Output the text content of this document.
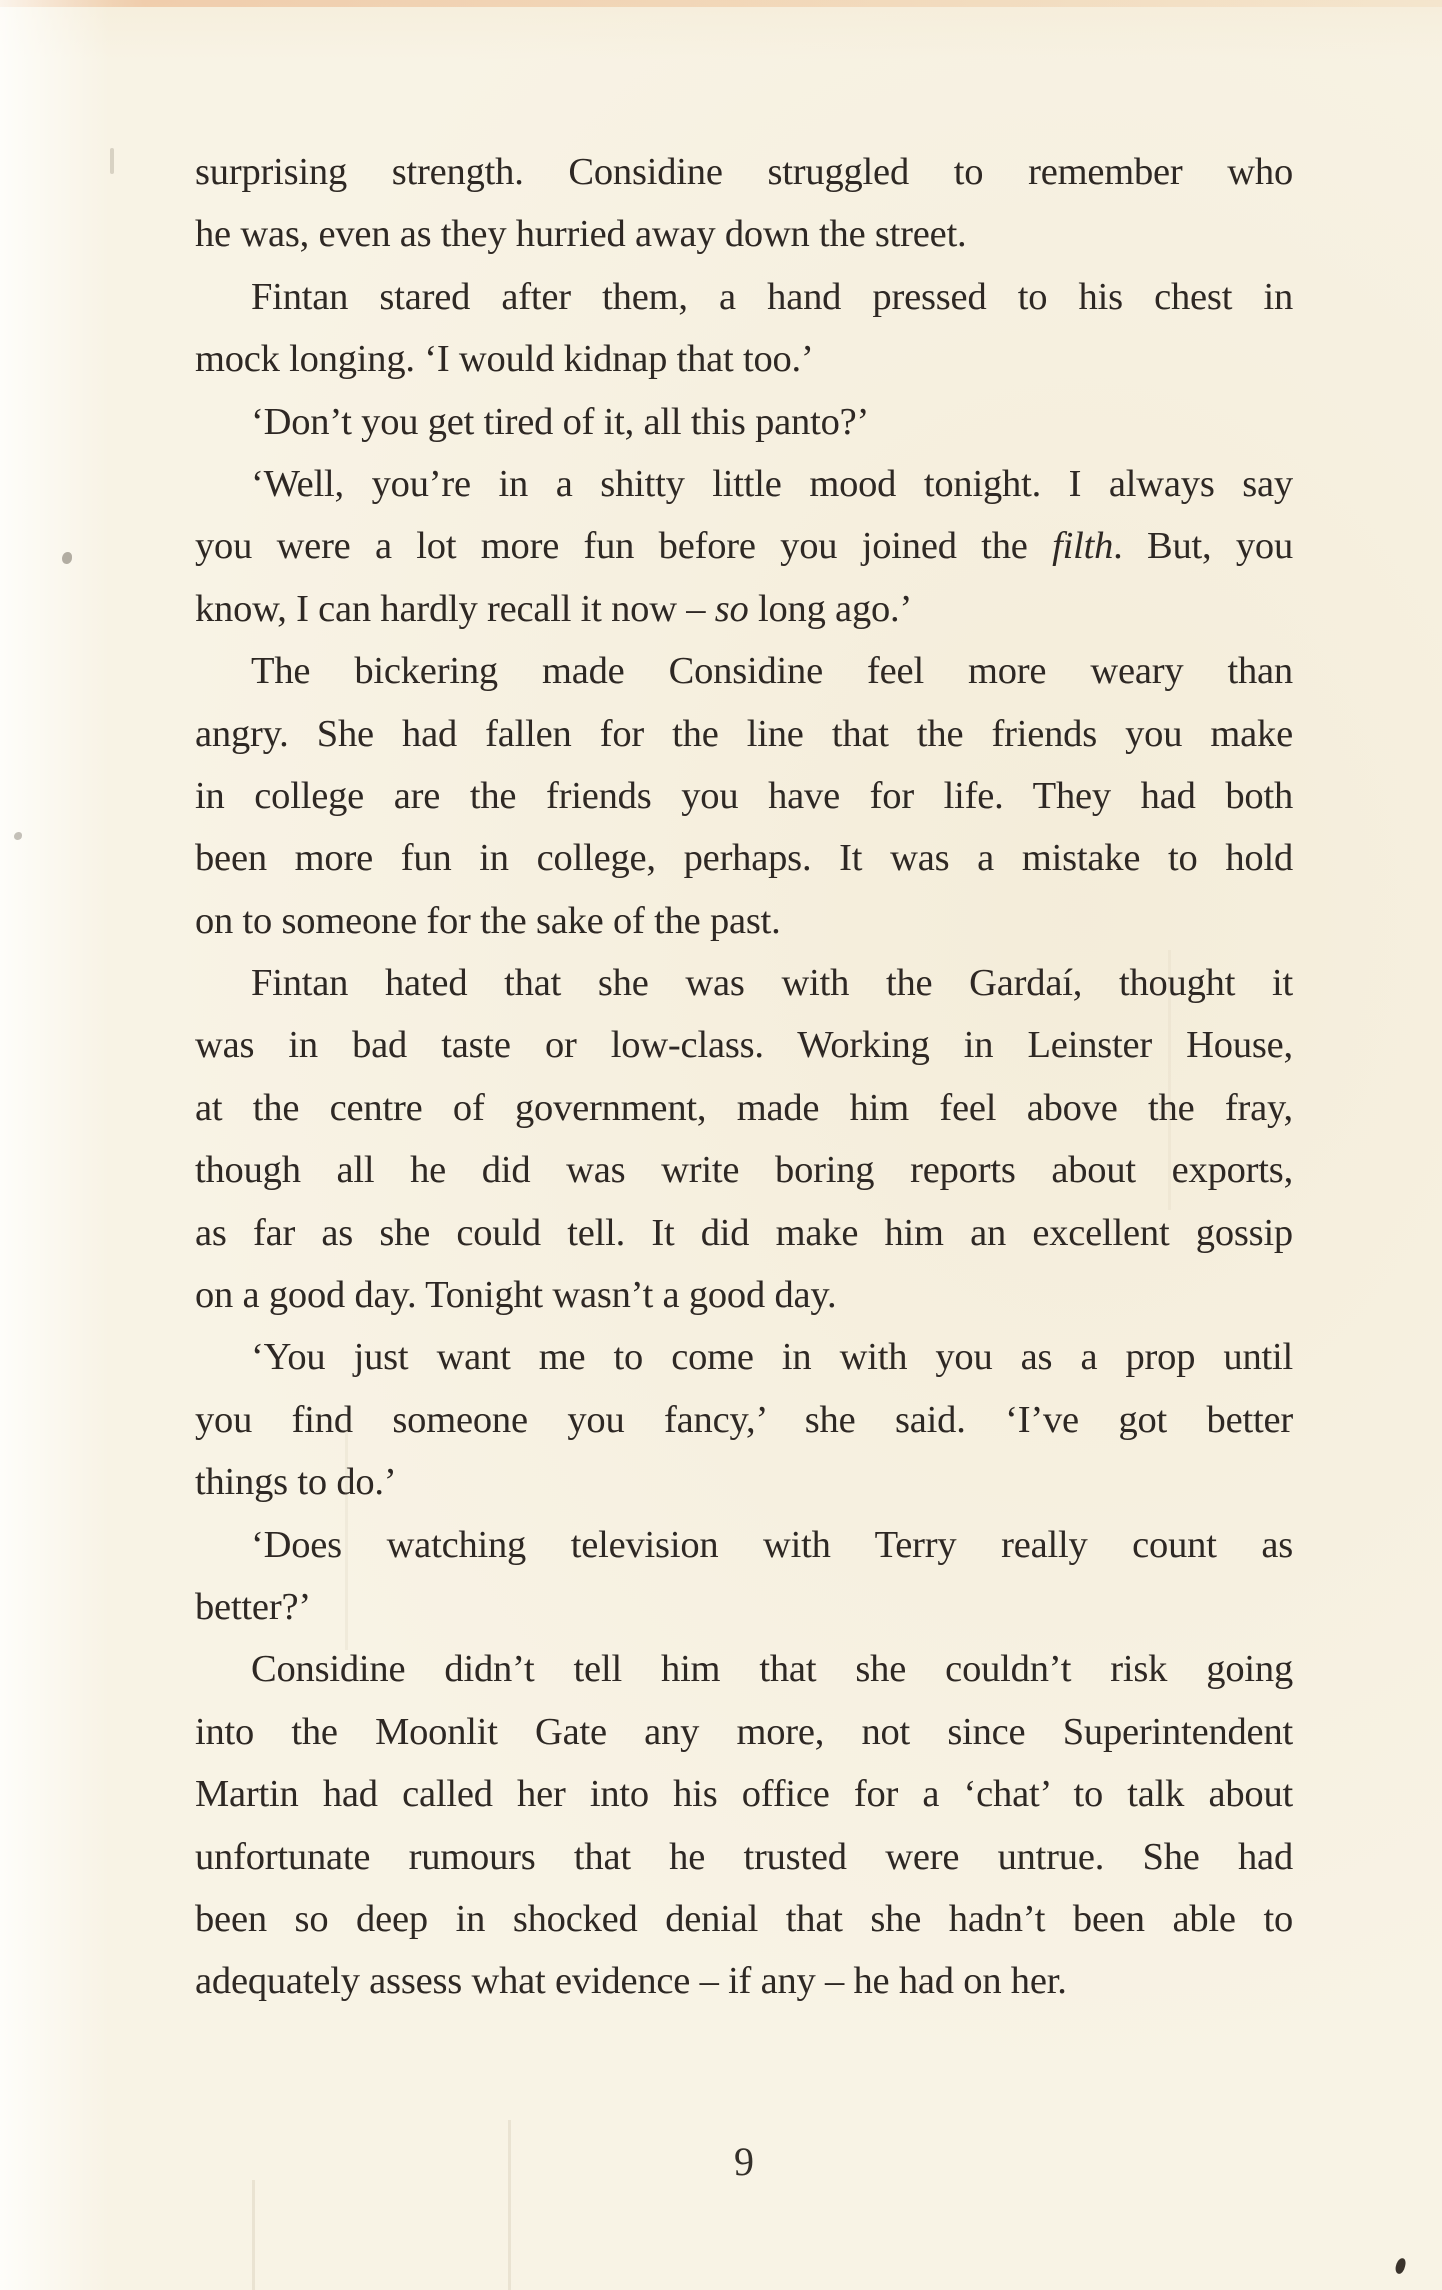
surprising strength. Considine struggled to remember who
he was, even as they hurried away down the street.
Fintan stared after them, a hand pressed to his chest in
mock longing. ‘I would kidnap that too.’
‘Don’t you get tired of it, all this panto?’
‘Well, you’re in a shitty little mood tonight. I always say
you were a lot more fun before you joined the filth. But, you
know, I can hardly recall it now – so long ago.’
The bickering made Considine feel more weary than
angry. She had fallen for the line that the friends you make
in college are the friends you have for life. They had both
been more fun in college, perhaps. It was a mistake to hold
on to someone for the sake of the past.
Fintan hated that she was with the Gardaí, thought it
was in bad taste or low-class. Working in Leinster House,
at the centre of government, made him feel above the fray,
though all he did was write boring reports about exports,
as far as she could tell. It did make him an excellent gossip
on a good day. Tonight wasn’t a good day.
‘You just want me to come in with you as a prop until
you find someone you fancy,’ she said. ‘I’ve got better
things to do.’
‘Does watching television with Terry really count as
better?’
Considine didn’t tell him that she couldn’t risk going
into the Moonlit Gate any more, not since Superintendent
Martin had called her into his office for a ‘chat’ to talk about
unfortunate rumours that he trusted were untrue. She had
been so deep in shocked denial that she hadn’t been able to
adequately assess what evidence – if any – he had on her.
9
